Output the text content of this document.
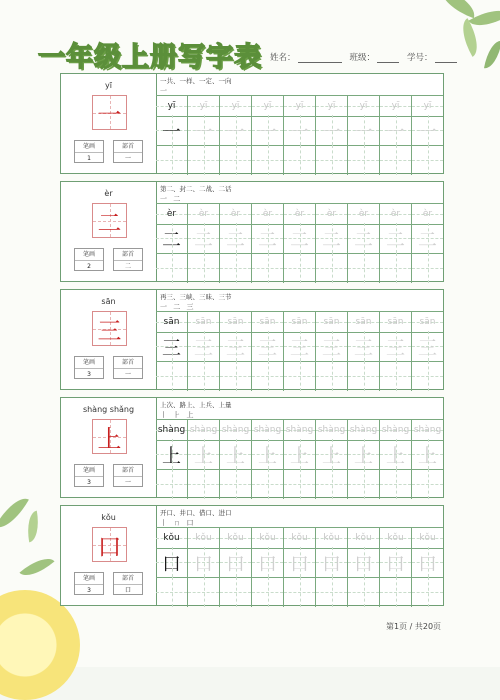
一年级上册写字表 姓名：	班级：	学号：
yī
一
笔画
1
部首
一
一共、一样、一定、一向
一
yī	yī	yī	yī	yī	yī	yī	yī	yī
一 一 一 一 一 一 一 一 一
èr
二
笔画
2
部首
二
第二、封二、二战、二话
一 二
èr	èr	èr	èr	èr	èr	èr	èr	èr
二 二 二 二 二 二 二 二 二
sān
三
笔画
3
部首
一
再三、三峡、三昧、三节
一 二 三
sān sān sān sān sān sān sān sān sān
三 三 三 三 三 三 三 三 三
shàng shǎng
上
笔画
3
部首
一
上次、路上、上兵、上量
丨 ⺊ 上
shàng shàng shàng shàng shàng shàng shàng shàng shàng
上 上 上 上 上 上 上 上 上
kǒu
口
笔画
3
部首
口
开口、井口、借口、进口
丨 ㄇ 口
kǒu kǒu kǒu kǒu kǒu kǒu kǒu kǒu kǒu
口 口 口 口 口 口 口 口 口
第1页 / 共20页
